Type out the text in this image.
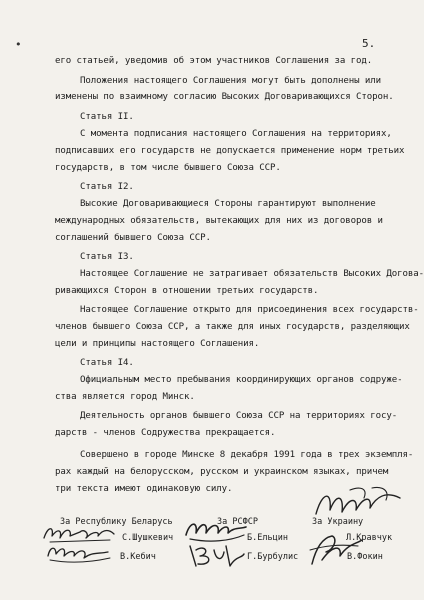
•	5.
его статьей, уведомив об этом участников Соглашения за год.
Положения настоящего Соглашения могут быть дополнены или
изменены по взаимному согласию Высоких Договаривающихся Сторон.
Статья II.
С момента подписания настоящего Соглашения на территориях,
подписавших его государств не допускается применение норм третьих
государств, в том числе бывшего Союза ССР.
Статья I2.
Высокие Договаривающиеся Стороны гарантируют выполнение
международных обязательств, вытекающих для них из договоров и
соглашений бывшего Союза ССР.
Статья I3.
Настоящее Соглашение не затрагивает обязательств Высоких Догова-
ривающихся Сторон в отношении третьих государств.
Настоящее Соглашение открыто для присоединения всех государств-
членов бывшего Союза ССР, а также для иных государств, разделяющих
цели и принципы настоящего Соглашения.
Статья I4.
Официальным место пребывания координирующих органов содруже-
ства является город Минск.
Деятельность органов бывшего Союза ССР на территориях госу-
дарств - членов Содружества прекращается.
Совершено в городе Минске 8 декабря 1991 года в трех экземпля-
рах каждый на белорусском, русском и украинском языках, причем
три текста имеют одинаковую силу.
За Республику Беларусь	За РСФСР	За Украину
С.Шушкевич
В.Кебич
Б.Ельцин
Г.Бурбулис
Л.Кравчук
В.Фокин
